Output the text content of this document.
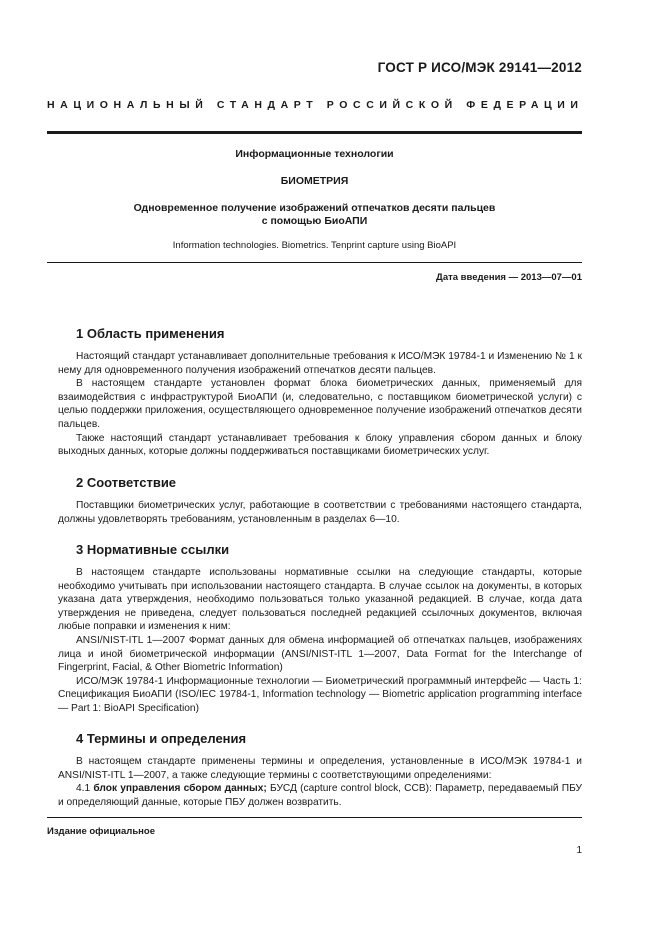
ГОСТ Р ИСО/МЭК 29141—2012
НАЦИОНАЛЬНЫЙ СТАНДАРТ РОССИЙСКОЙ ФЕДЕРАЦИИ
Информационные технологии
БИОМЕТРИЯ
Одновременное получение изображений отпечатков десяти пальцев
с помощью БиоАПИ
Information technologies. Biometrics. Tenprint capture using BioAPI
Дата введения — 2013—07—01
1 Область применения

Настоящий стандарт устанавливает дополнительные требования к ИСО/МЭК 19784-1 и Изменению № 1 к нему для одновременного получения изображений отпечатков десяти пальцев.

В настоящем стандарте установлен формат блока биометрических данных, применяемый для взаимодействия с инфраструктурой БиоАПИ (и, следовательно, с поставщиком биометрической услуги) с целью поддержки приложения, осуществляющего одновременное получение изображений отпечатков десяти пальцев.

Также настоящий стандарт устанавливает требования к блоку управления сбором данных и блоку выходных данных, которые должны поддерживаться поставщиками биометрических услуг.

2 Соответствие

Поставщики биометрических услуг, работающие в соответствии с требованиями настоящего стандарта, должны удовлетворять требованиям, установленным в разделах 6—10.

3 Нормативные ссылки

В настоящем стандарте использованы нормативные ссылки на следующие стандарты, которые необходимо учитывать при использовании настоящего стандарта. В случае ссылок на документы, в которых указана дата утверждения, необходимо пользоваться только указанной редакцией. В случае, когда дата утверждения не приведена, следует пользоваться последней редакцией ссылочных документов, включая любые поправки и изменения к ним:

ANSI/NIST-ITL 1—2007 Формат данных для обмена информацией об отпечатках пальцев, изображениях лица и иной биометрической информации (ANSI/NIST-ITL 1—2007, Data Format for the Interchange of Fingerprint, Facial, & Other Biometric Information)

ИСО/МЭК 19784-1 Информационные технологии — Биометрический программный интерфейс — Часть 1: Спецификация БиоАПИ (ISO/IEC 19784-1, Information technology — Biometric application programming interface — Part 1: BioAPI Specification)

4 Термины и определения

В настоящем стандарте применены термины и определения, установленные в ИСО/МЭК 19784-1 и ANSI/NIST-ITL 1—2007, а также следующие термины с соответствующими определениями:

4.1 блок управления сбором данных; БУСД (capture control block, CCB): Параметр, передаваемый ПБУ и определяющий данные, которые ПБУ должен возвратить.

Издание официальное
1
